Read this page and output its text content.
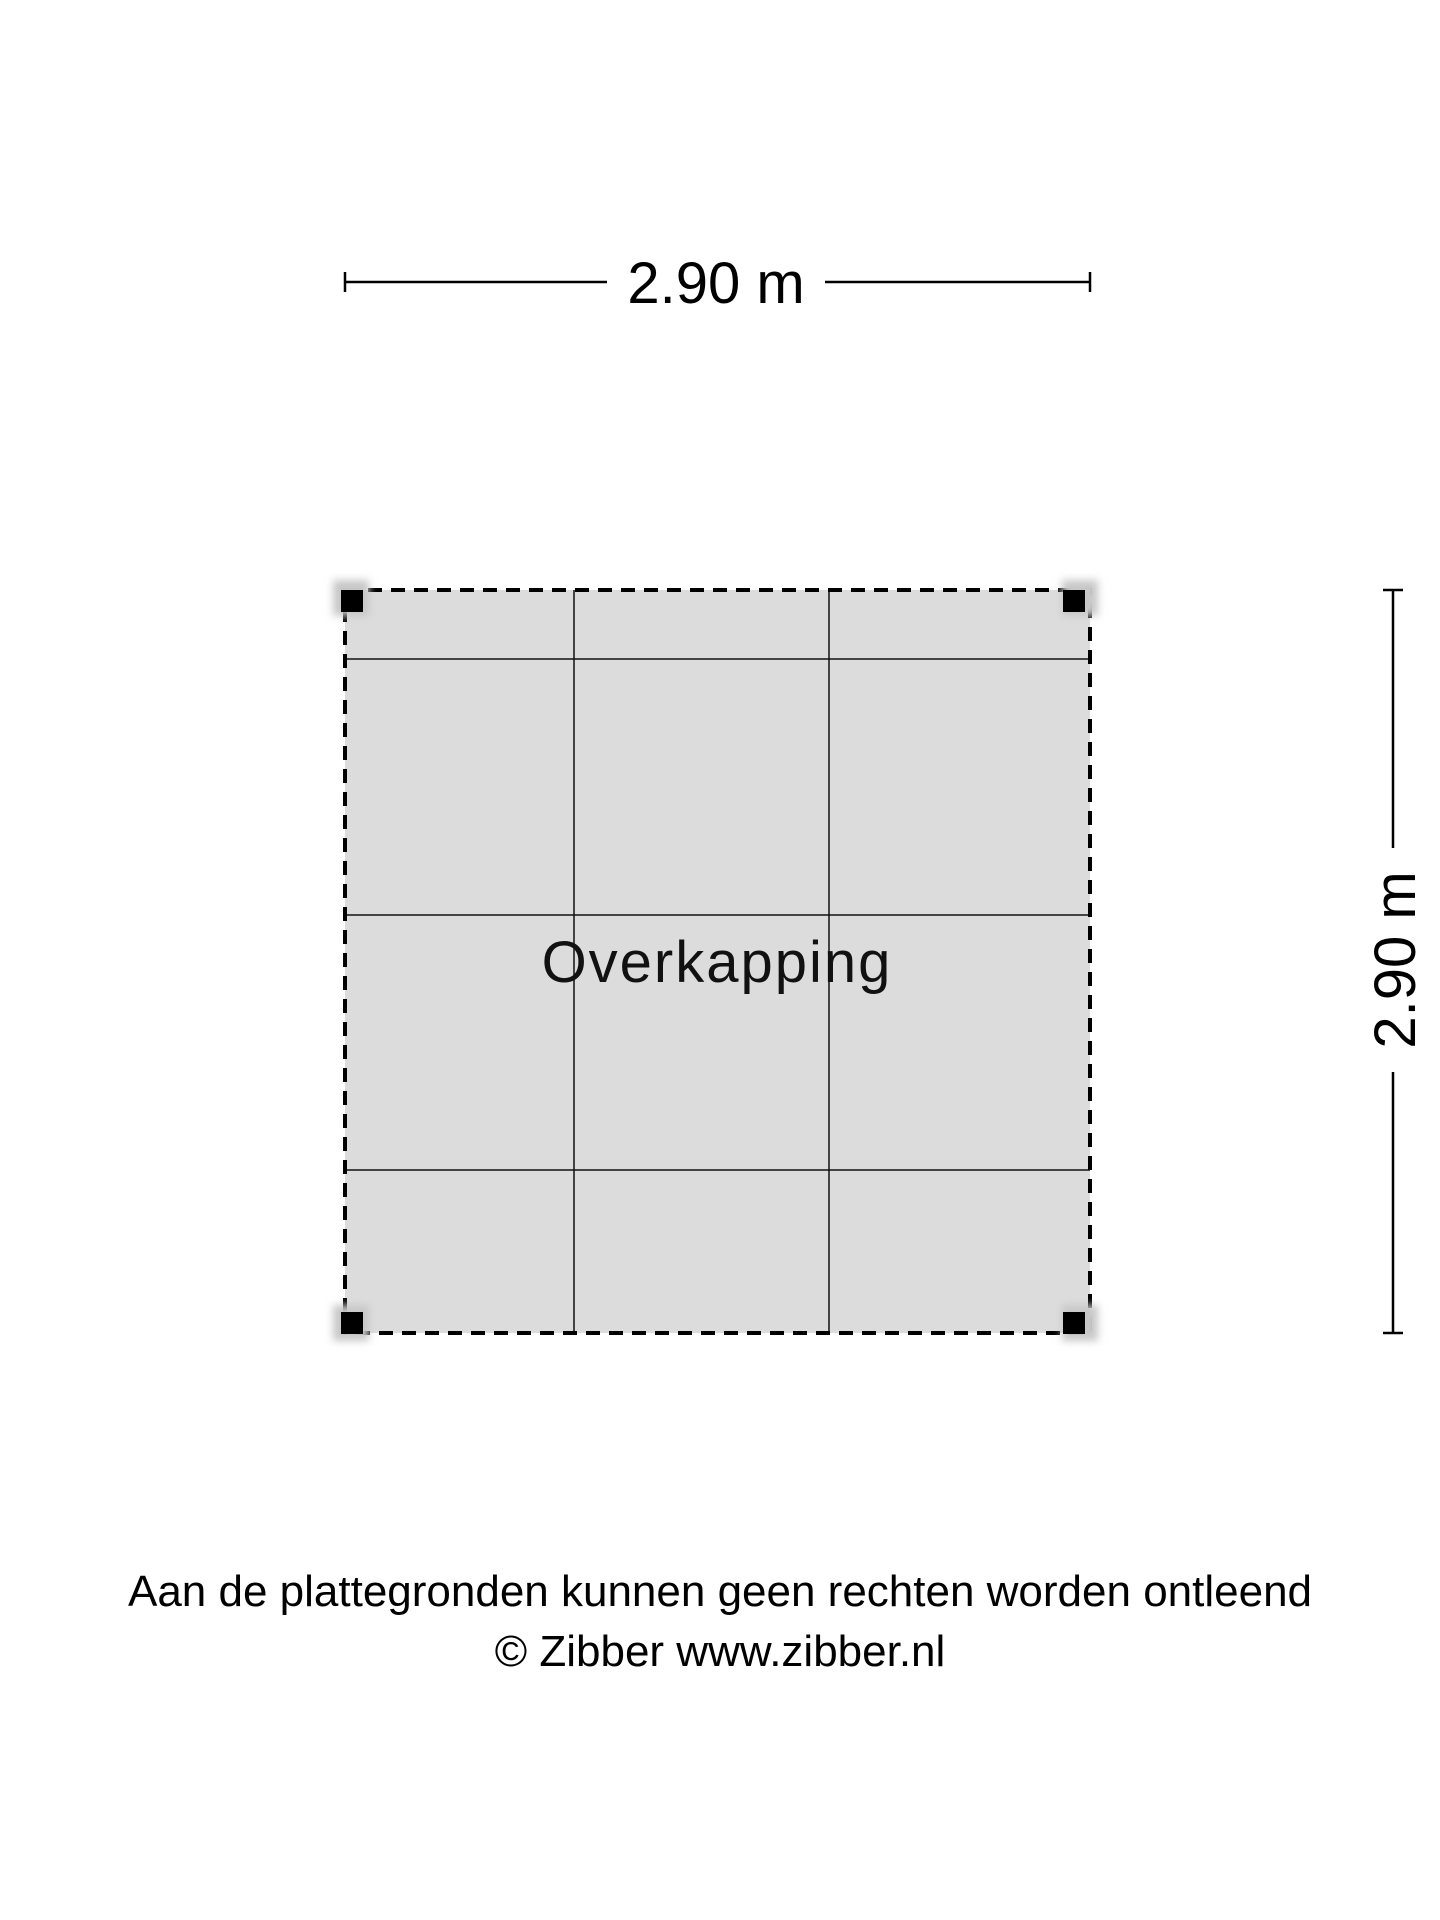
2.90 m
2.90 m
Overkapping
Aan de plattegronden kunnen geen rechten worden ontleend
© Zibber www.zibber.nl
